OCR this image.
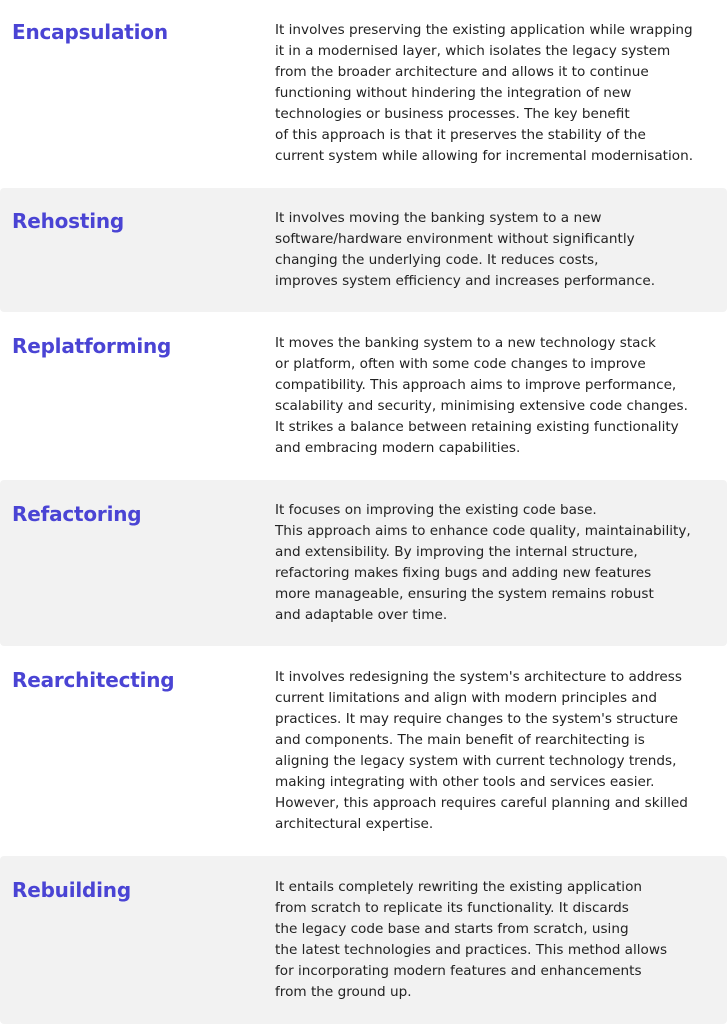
Encapsulation	It involves preserving the existing application while wrapping
it in a modernised layer, which isolates the legacy system
from the broader architecture and allows it to continue
functioning without hindering the integration of new
technologies or business processes. The key benefit
of this approach is that it preserves the stability of the
current system while allowing for incremental modernisation.
Rehosting	It involves moving the banking system to a new
software/hardware environment without significantly
changing the underlying code. It reduces costs,
improves system efficiency and increases performance.
Replatforming	It moves the banking system to a new technology stack
or platform, often with some code changes to improve
compatibility. This approach aims to improve performance,
scalability and security, minimising extensive code changes.
It strikes a balance between retaining existing functionality
and embracing modern capabilities.
Refactoring	It focuses on improving the existing code base.
This approach aims to enhance code quality, maintainability,
and extensibility. By improving the internal structure,
refactoring makes fixing bugs and adding new features
more manageable, ensuring the system remains robust
and adaptable over time.
Rearchitecting	It involves redesigning the system's architecture to address
current limitations and align with modern principles and
practices. It may require changes to the system's structure
and components. The main benefit of rearchitecting is
aligning the legacy system with current technology trends,
making integrating with other tools and services easier.
However, this approach requires careful planning and skilled
architectural expertise.
Rebuilding	It entails completely rewriting the existing application
from scratch to replicate its functionality. It discards
the legacy code base and starts from scratch, using
the latest technologies and practices. This method allows
for incorporating modern features and enhancements
from the ground up.
